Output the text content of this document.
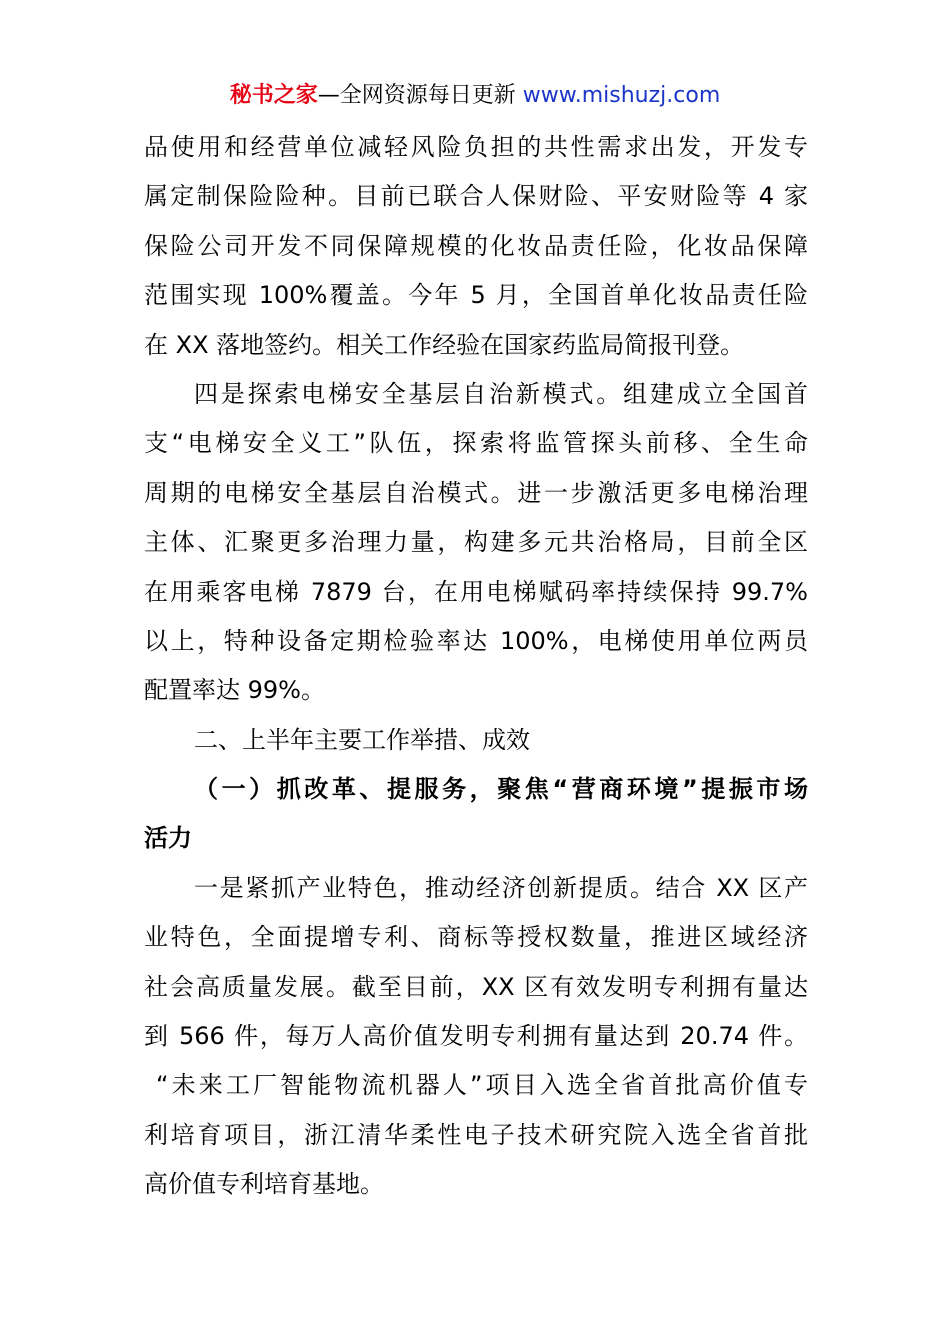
秘书之家—全网资源每日更新 www.mishuzj.com
品使用和经营单位减轻风险负担的共性需求出发，开发专
属定制保险险种。目前已联合人保财险、平安财险等 4 家
保险公司开发不同保障规模的化妆品责任险，化妆品保障
范围实现 100%覆盖。今年 5 月，全国首单化妆品责任险
在 XX 落地签约。相关工作经验在国家药监局简报刊登。
四是探索电梯安全基层自治新模式。组建成立全国首
支“电梯安全义工”队伍，探索将监管探头前移、全生命
周期的电梯安全基层自治模式。进一步激活更多电梯治理
主体、汇聚更多治理力量，构建多元共治格局，目前全区
在用乘客电梯 7879 台，在用电梯赋码率持续保持 99.7%
以上，特种设备定期检验率达 100%，电梯使用单位两员
配置率达 99%。
二、上半年主要工作举措、成效
（一）抓改革、提服务，聚焦“营商环境”提振市场
活力
一是紧抓产业特色，推动经济创新提质。结合 XX 区产
业特色，全面提增专利、商标等授权数量，推进区域经济
社会高质量发展。截至目前，XX 区有效发明专利拥有量达
到 566 件，每万人高价值发明专利拥有量达到 20.74 件。
“未来工厂智能物流机器人”项目入选全省首批高价值专
利培育项目，浙江清华柔性电子技术研究院入选全省首批
高价值专利培育基地。
